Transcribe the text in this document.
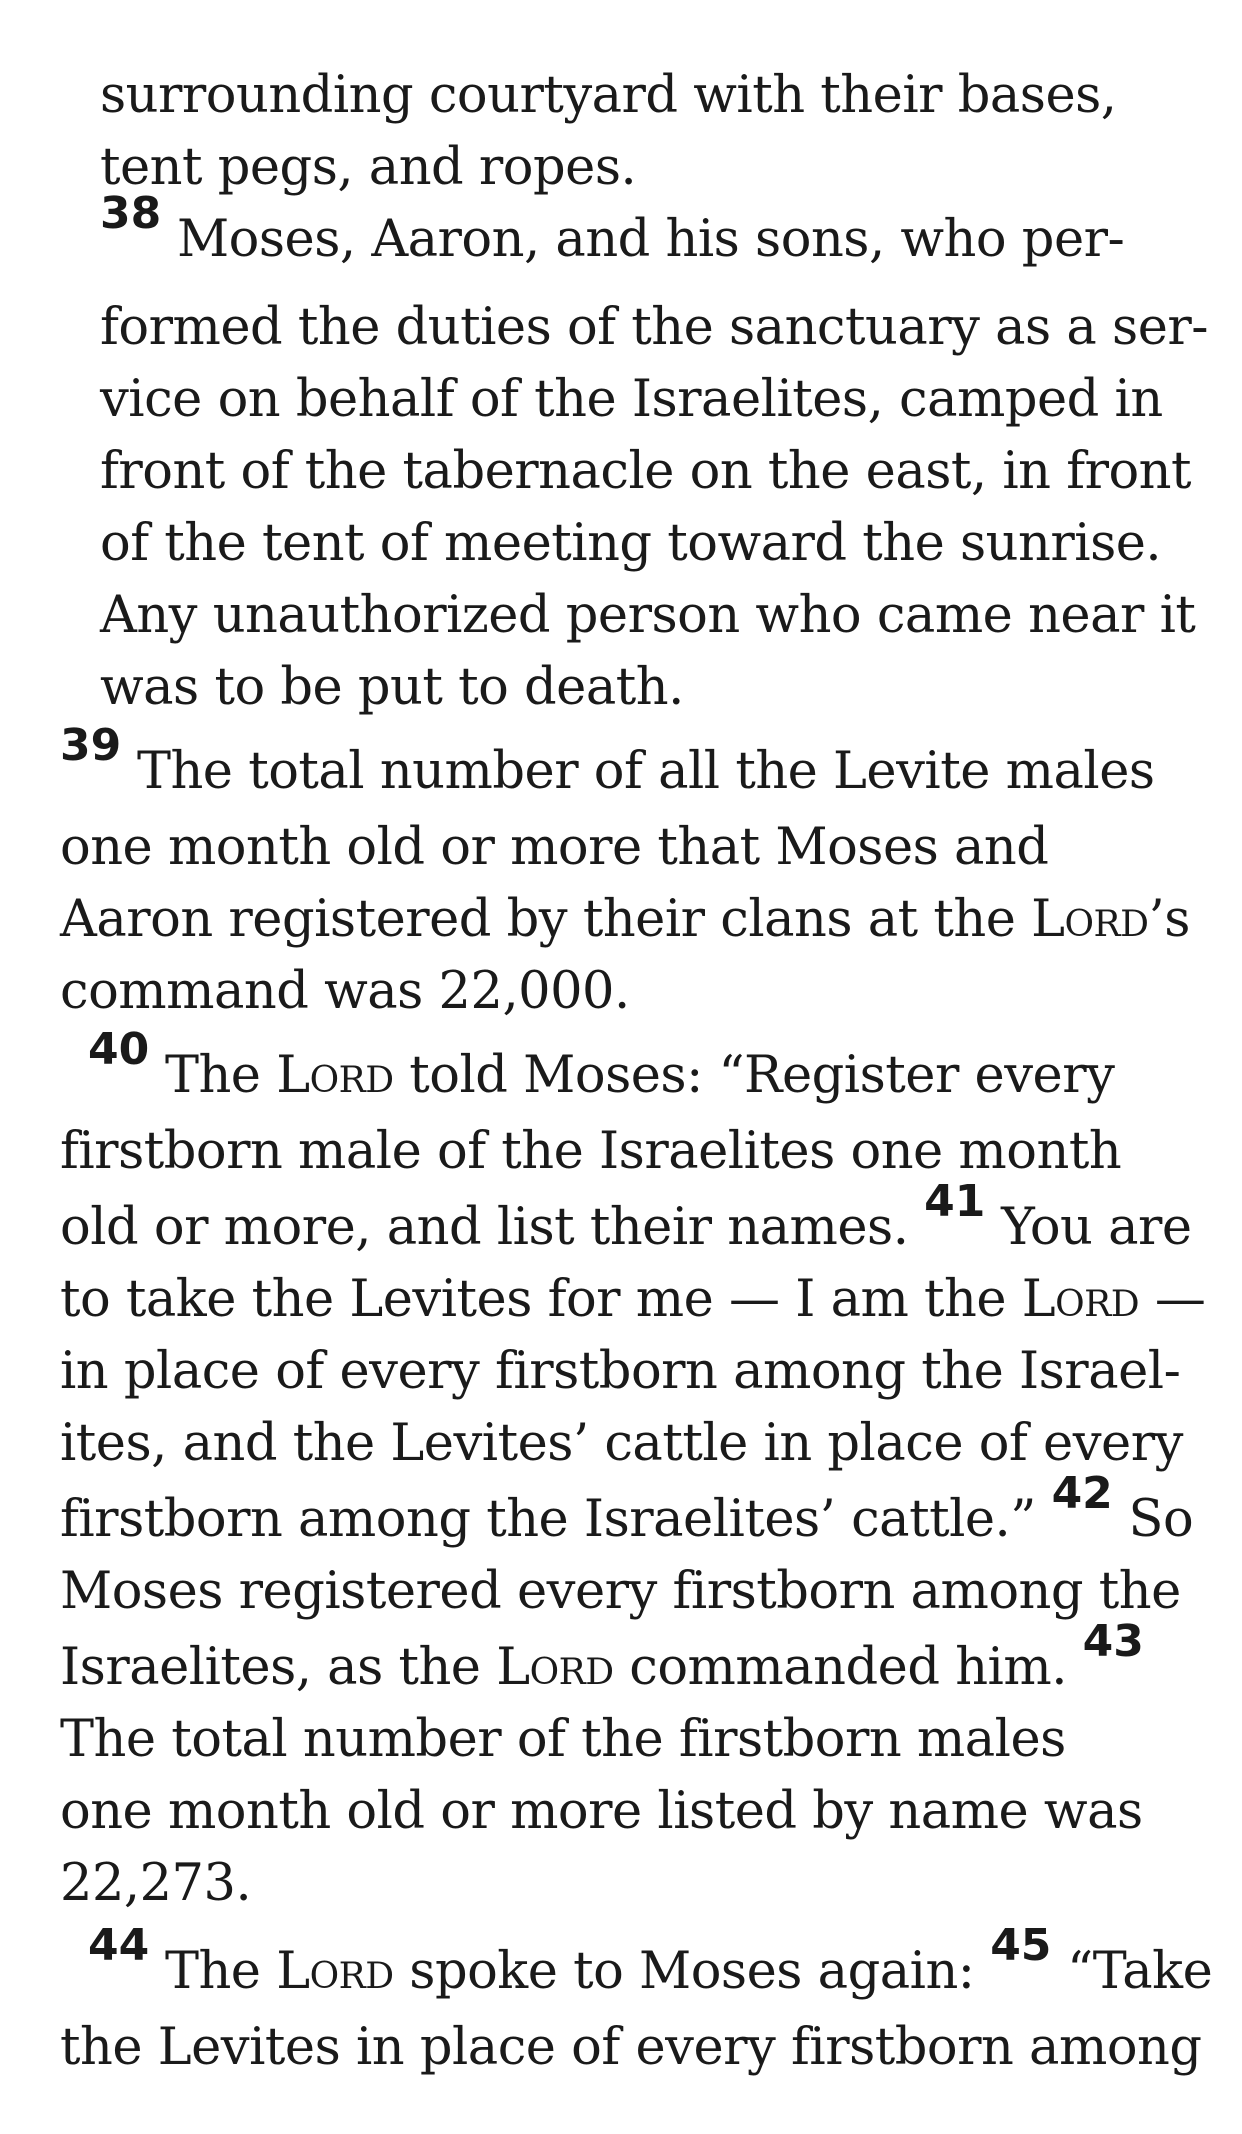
surrounding courtyard with their bases,
tent pegs, and ropes.
38 Moses, Aaron, and his sons, who per-
formed the duties of the sanctuary as a ser-
vice on behalf of the Israelites, camped in
front of the tabernacle on the east, in front
of the tent of meeting toward the sunrise.
Any unauthorized person who came near it
was to be put to death.
39 The total number of all the Levite males
one month old or more that Moses and
Aaron registered by their clans at the Lord’s
command was 22,000.
40 The Lord told Moses: “Register every
firstborn male of the Israelites one month
old or more, and list their names. 41 You are
to take the Levites for me — I am the Lord —
in place of every firstborn among the Israel-
ites, and the Levites’ cattle in place of every
firstborn among the Israelites’ cattle.” 42 So
Moses registered every firstborn among the
Israelites, as the Lord commanded him. 43
The total number of the firstborn males
one month old or more listed by name was
22,273.
44 The Lord spoke to Moses again: 45 “Take
the Levites in place of every firstborn among
